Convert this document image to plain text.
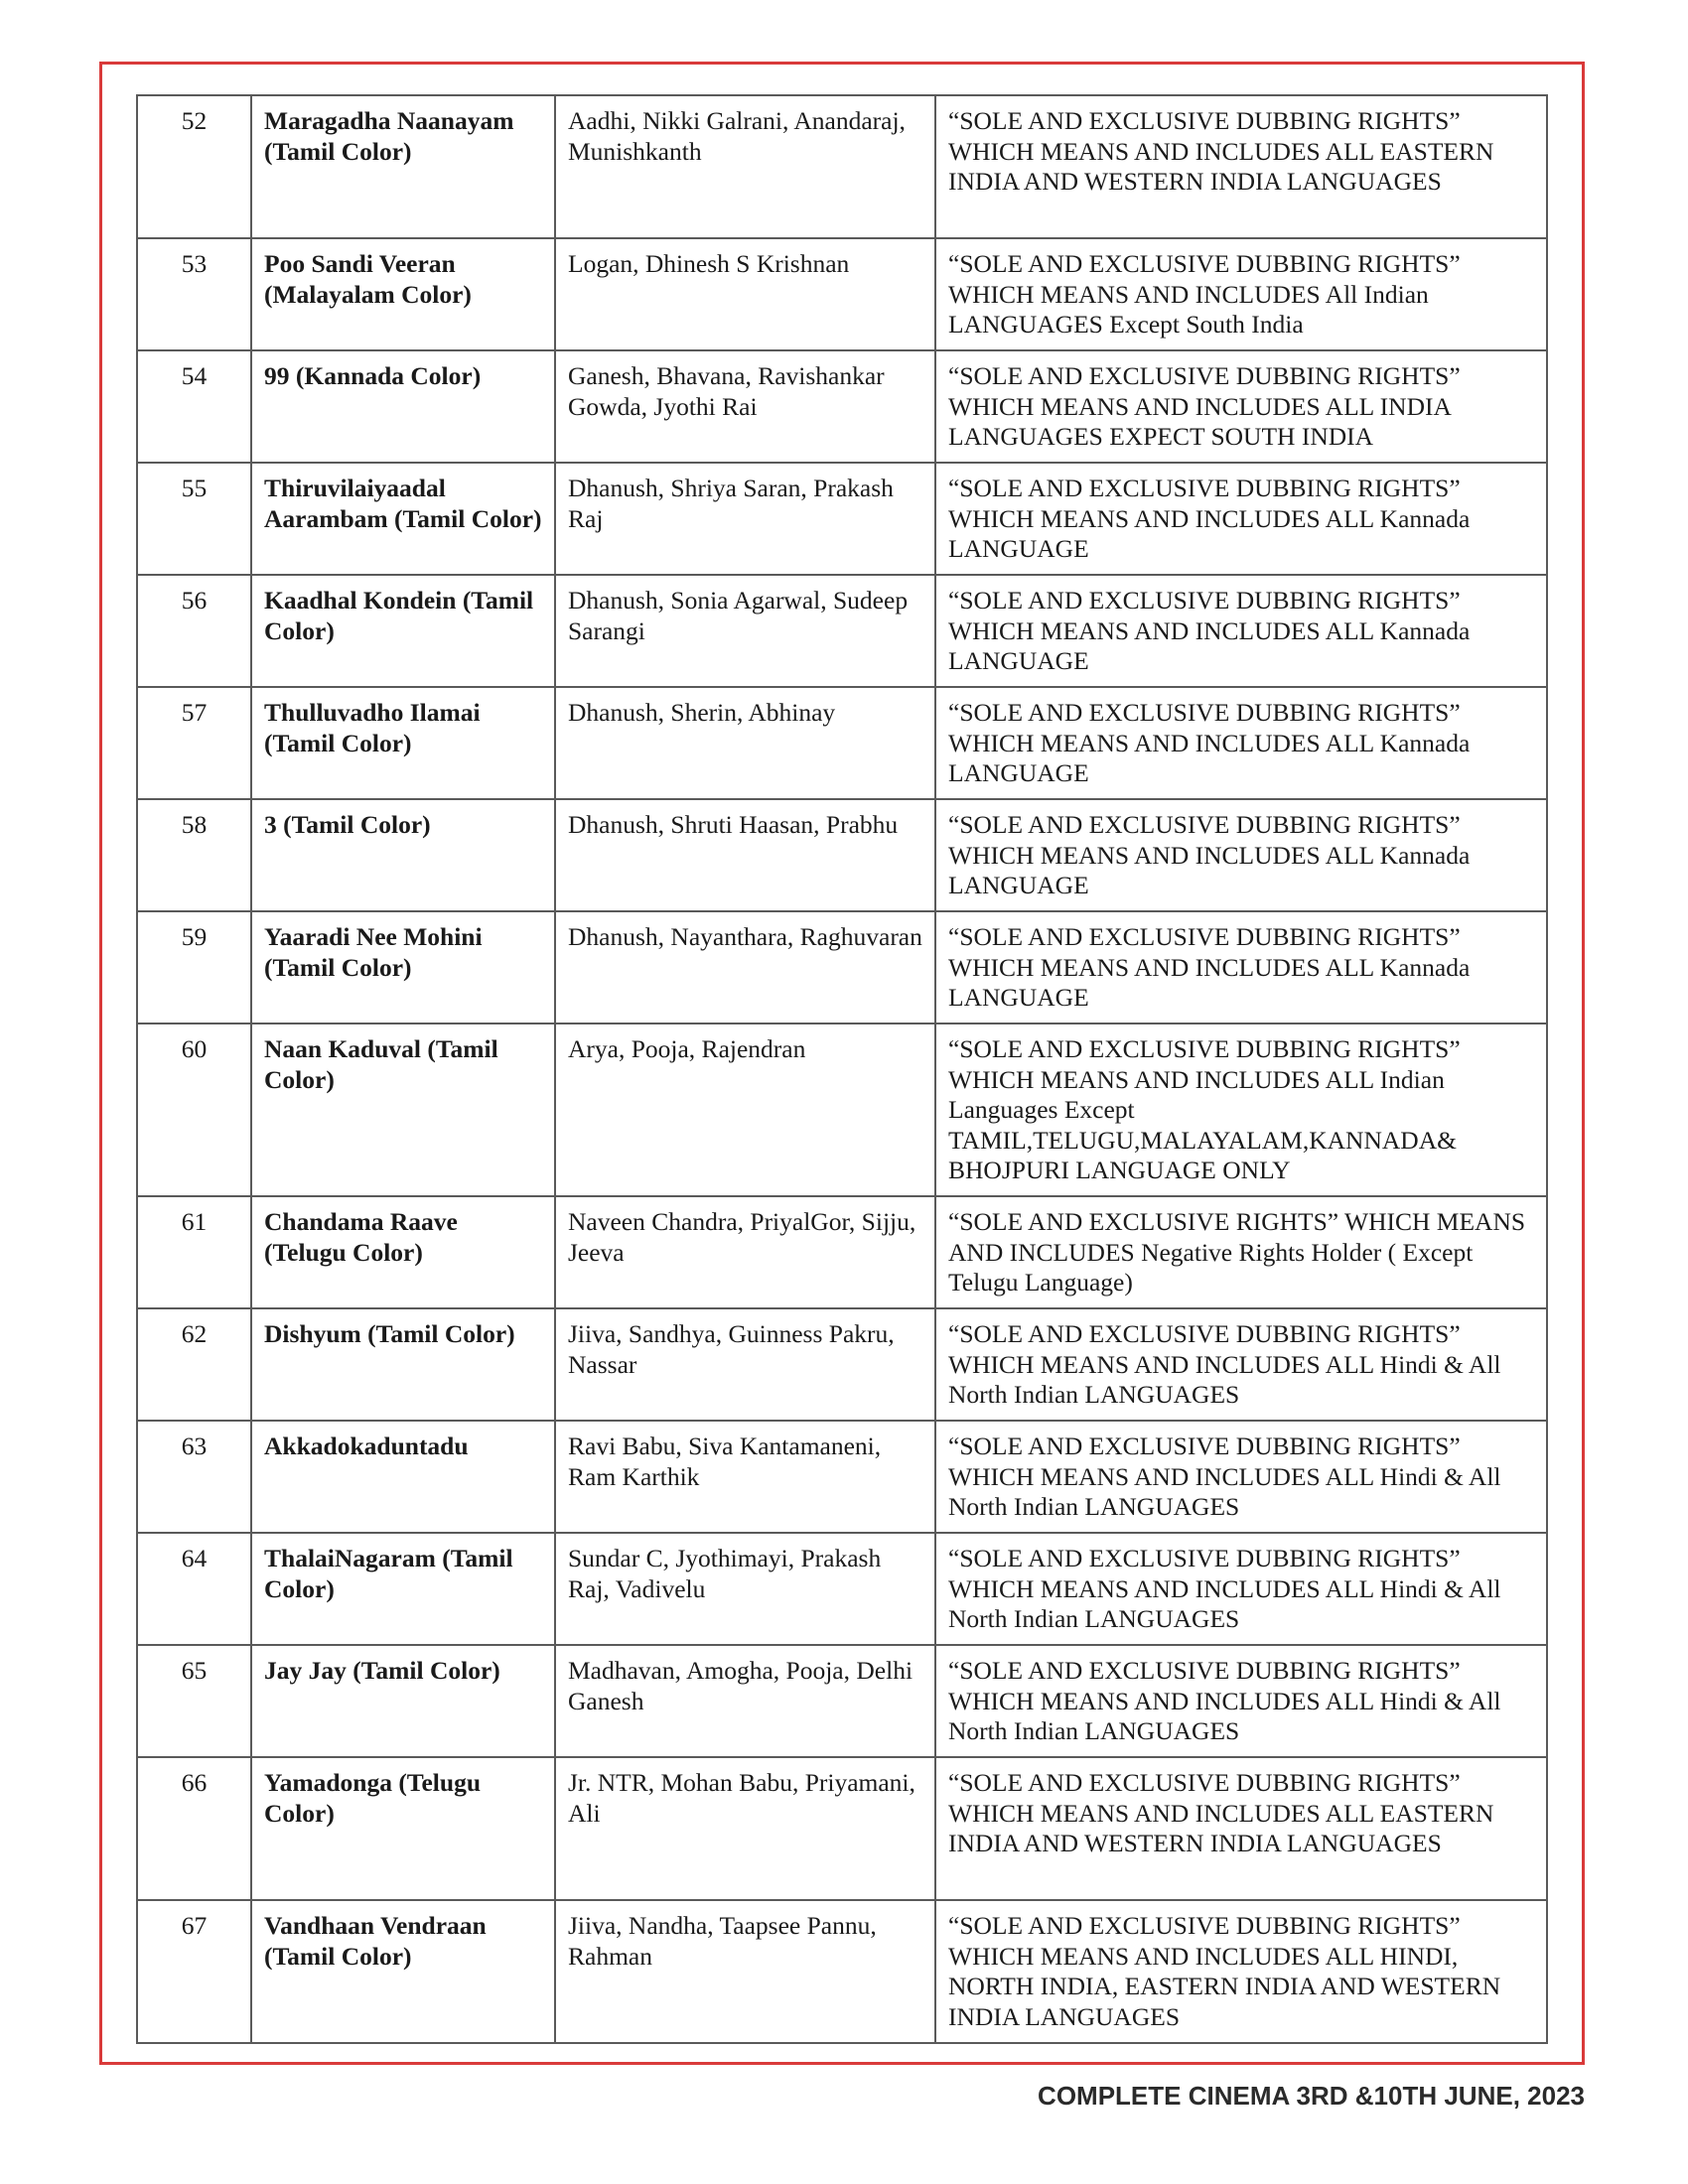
52	Maragadha Naanayam (Tamil Color)	Aadhi, Nikki Galrani, Anandaraj, Munishkanth	“SOLE AND EXCLUSIVE DUBBING RIGHTS” WHICH MEANS AND INCLUDES ALL EASTERN INDIA AND WESTERN INDIA LANGUAGES
53	Poo Sandi Veeran (Malayalam Color)	Logan, Dhinesh S Krishnan	“SOLE AND EXCLUSIVE DUBBING RIGHTS” WHICH MEANS AND INCLUDES All Indian LANGUAGES Except South India
54	99 (Kannada Color)	Ganesh, Bhavana, Ravishankar Gowda, Jyothi Rai	“SOLE AND EXCLUSIVE DUBBING RIGHTS” WHICH MEANS AND INCLUDES ALL INDIA LANGUAGES EXPECT SOUTH INDIA
55	Thiruvilaiyaadal Aarambam (Tamil Color)	Dhanush, Shriya Saran, Prakash Raj	“SOLE AND EXCLUSIVE DUBBING RIGHTS” WHICH MEANS AND INCLUDES ALL Kannada LANGUAGE
56	Kaadhal Kondein (Tamil Color)	Dhanush, Sonia Agarwal, Sudeep Sarangi	“SOLE AND EXCLUSIVE DUBBING RIGHTS” WHICH MEANS AND INCLUDES ALL Kannada LANGUAGE
57	Thulluvadho Ilamai (Tamil Color)	Dhanush, Sherin, Abhinay	“SOLE AND EXCLUSIVE DUBBING RIGHTS” WHICH MEANS AND INCLUDES ALL Kannada LANGUAGE
58	3 (Tamil Color)	Dhanush, Shruti Haasan, Prabhu	“SOLE AND EXCLUSIVE DUBBING RIGHTS” WHICH MEANS AND INCLUDES ALL Kannada LANGUAGE
59	Yaaradi Nee Mohini (Tamil Color)	Dhanush, Nayanthara, Raghuvaran	“SOLE AND EXCLUSIVE DUBBING RIGHTS” WHICH MEANS AND INCLUDES ALL Kannada LANGUAGE
60	Naan Kaduval (Tamil Color)	Arya, Pooja, Rajendran	“SOLE AND EXCLUSIVE DUBBING RIGHTS” WHICH MEANS AND INCLUDES ALL Indian Languages Except TAMIL,TELUGU,MALAYALAM,KANNADA& BHOJPURI LANGUAGE ONLY
61	Chandama Raave (Telugu Color)	Naveen Chandra, PriyalGor, Sijju, Jeeva	“SOLE AND EXCLUSIVE RIGHTS” WHICH MEANS AND INCLUDES Negative Rights Holder ( Except Telugu Language)
62	Dishyum (Tamil Color)	Jiiva, Sandhya, Guinness Pakru, Nassar	“SOLE AND EXCLUSIVE DUBBING RIGHTS” WHICH MEANS AND INCLUDES ALL Hindi & All North Indian LANGUAGES
63	Akkadokaduntadu	Ravi Babu, Siva Kantamaneni, Ram Karthik	“SOLE AND EXCLUSIVE DUBBING RIGHTS” WHICH MEANS AND INCLUDES ALL Hindi & All North Indian LANGUAGES
64	ThalaiNagaram (Tamil Color)	Sundar C, Jyothimayi, Prakash Raj, Vadivelu	“SOLE AND EXCLUSIVE DUBBING RIGHTS” WHICH MEANS AND INCLUDES ALL Hindi & All North Indian LANGUAGES
65	Jay Jay (Tamil Color)	Madhavan, Amogha, Pooja, Delhi Ganesh	“SOLE AND EXCLUSIVE DUBBING RIGHTS” WHICH MEANS AND INCLUDES ALL Hindi & All North Indian LANGUAGES
66	Yamadonga (Telugu Color)	Jr. NTR, Mohan Babu, Priyamani, Ali	“SOLE AND EXCLUSIVE DUBBING RIGHTS” WHICH MEANS AND INCLUDES ALL EASTERN INDIA AND WESTERN INDIA LANGUAGES
67	Vandhaan Vendraan (Tamil Color)	Jiiva, Nandha, Taapsee Pannu, Rahman	“SOLE AND EXCLUSIVE DUBBING RIGHTS” WHICH MEANS AND INCLUDES ALL HINDI, NORTH INDIA, EASTERN INDIA AND WESTERN INDIA LANGUAGES
COMPLETE CINEMA 3RD &10TH JUNE, 2023
